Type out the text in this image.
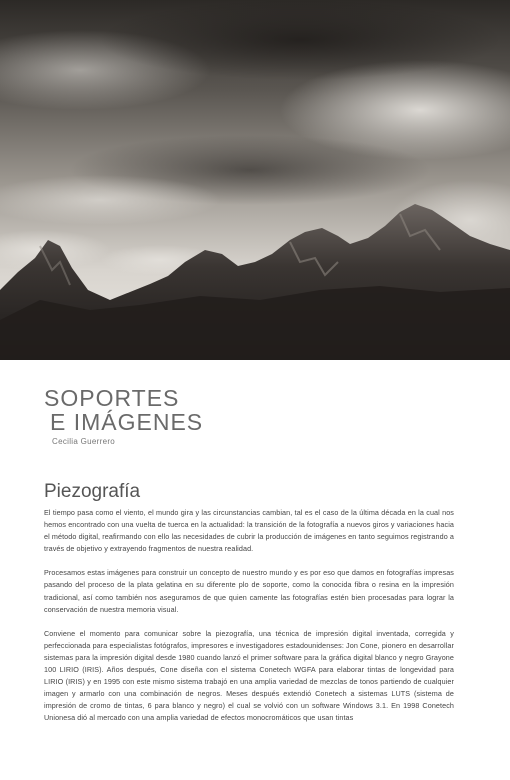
SOPORTES
E IMÁGENES
Cecilia Guerrero
Piezografía

El tiempo pasa como el viento, el mundo gira y las circunstancias cambian, tal es el caso de la última década en la cual nos hemos encontrado con una vuelta de tuerca en la actualidad: la transición de la fotografía a nuevos giros y variaciones hacia el método digital, reafirmando con ello las necesidades de cubrir la producción de imágenes en tanto seguimos registrando a través de objetivo y extrayendo fragmentos de nuestra realidad.

Procesamos estas imágenes para construir un concepto de nuestro mundo y es por eso que damos en fotografías impresas pasando del proceso de la plata gelatina en su diferente plo de soporte, como la conocida fibra o resina en la impresión tradicional, así como también nos aseguramos de que quien camente las fotografías estén bien procesadas para lograr la conservación de nuestra memoria visual.

Conviene el momento para comunicar sobre la piezografía, una técnica de impresión digital inventada, corregida y perfeccionada para especialistas fotógrafos, impresores e investigadores estadounidenses: Jon Cone, pionero en desarrollar sistemas para la impresión digital desde 1980 cuando lanzó el primer software para la gráfica digital blanco y negro Grayone 100 LIRIO (IRIS). Años después, Cone diseña con el sistema Conetech WGFA para elaborar tintas de longevidad para LIRIO (IRIS) y en 1995 con este mismo sistema trabajó en una amplia variedad de mezclas de tonos partiendo de cualquier imagen y armarlo con una combinación de negros. Meses después extendió Conetech a sistemas LUTS (sistema de impresión de cromo de tintas, 6 para blanco y negro) el cual se volvió con un software Windows 3.1. En 1998 Conetech Unionesa dió al mercado con una amplia variedad de efectos monocromáticos que usan tintas
